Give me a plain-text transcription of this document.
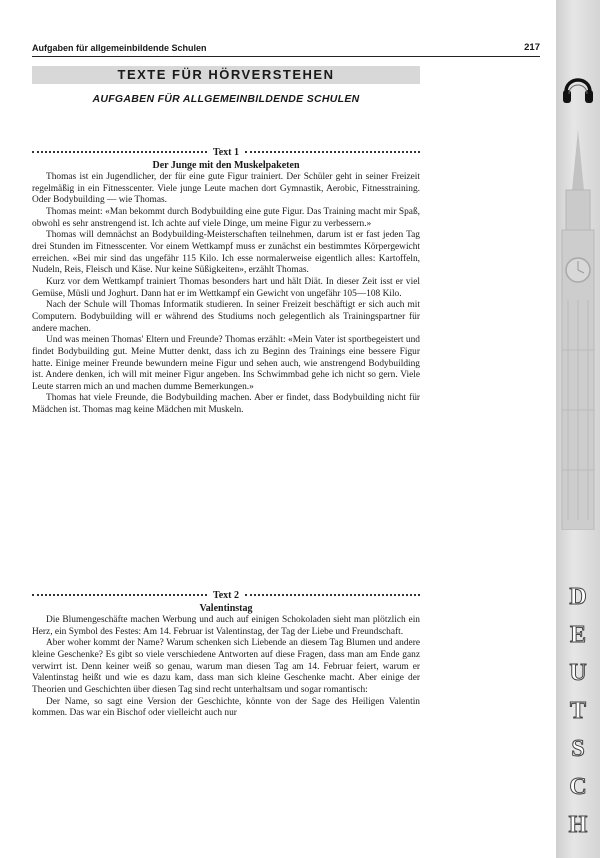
Aufgaben für allgemeinbildende Schulen	217
TEXTE FÜR HÖRVERSTEHEN
AUFGABEN FÜR ALLGEMEINBILDENDE SCHULEN
Text 1
Der Junge mit den Muskelpaketen

Thomas ist ein Jugendlicher, der für eine gute Figur trainiert. Der Schüler geht in seiner Freizeit regelmäßig in ein Fitnesscenter. Viele junge Leute machen dort Gymnastik, Aerobic, Fitnesstraining. Oder Bodybuilding — wie Thomas.

Thomas meint: «Man bekommt durch Bodybuilding eine gute Figur. Das Training macht mir Spaß, obwohl es sehr anstrengend ist. Ich achte auf viele Dinge, um meine Figur zu verbessern.»

Thomas will demnächst an Bodybuilding-Meisterschaften teilnehmen, darum ist er fast jeden Tag drei Stunden im Fitnesscenter. Vor einem Wettkampf muss er zunächst ein bestimmtes Körpergewicht erreichen. «Bei mir sind das ungefähr 115 Kilo. Ich esse normalerweise eigentlich alles: Kartoffeln, Nudeln, Reis, Fleisch und Käse. Nur keine Süßigkeiten», erzählt Thomas.

Kurz vor dem Wettkampf trainiert Thomas besonders hart und hält Diät. In dieser Zeit isst er viel Gemüse, Müsli und Joghurt. Dann hat er im Wettkampf ein Gewicht von ungefähr 105—108 Kilo.

Nach der Schule will Thomas Informatik studieren. In seiner Freizeit beschäftigt er sich auch mit Computern. Bodybuilding will er während des Studiums noch gelegentlich als Trainingspartner für andere machen.

Und was meinen Thomas' Eltern und Freunde? Thomas erzählt: «Mein Vater ist sportbegeistert und findet Bodybuilding gut. Meine Mutter denkt, dass ich zu Beginn des Trainings eine bessere Figur hatte. Einige meiner Freunde bewundern meine Figur und sehen auch, wie anstrengend Bodybuilding ist. Andere denken, ich will mit meiner Figur angeben. Ins Schwimmbad gehe ich nicht so gern. Viele Leute starren mich an und machen dumme Bemerkungen.»

Thomas hat viele Freunde, die Bodybuilding machen. Aber er findet, dass Bodybuilding nicht für Mädchen ist. Thomas mag keine Mädchen mit Muskeln.

Text 2
Valentinstag

Die Blumengeschäfte machen Werbung und auch auf einigen Schokoladen sieht man plötzlich ein Herz, ein Symbol des Festes: Am 14. Februar ist Valentinstag, der Tag der Liebe und Freundschaft.

Aber woher kommt der Name? Warum schenken sich Liebende an diesem Tag Blumen und andere kleine Geschenke? Es gibt so viele verschiedene Antworten auf diese Fragen, dass man am Ende ganz verwirrt ist. Denn keiner weiß so genau, warum man diesen Tag am 14. Februar feiert, warum er Valentinstag heißt und wie es dazu kam, dass man sich kleine Geschenke macht. Aber einige der Theorien und Geschichten über diesen Tag sind recht unterhaltsam und sogar romantisch:

Der Name, so sagt eine Version der Geschichte, könnte von der Sage des Heiligen Valentin kommen. Das war ein Bischof oder vielleicht auch nur

D
E
U
T
S
C
H
